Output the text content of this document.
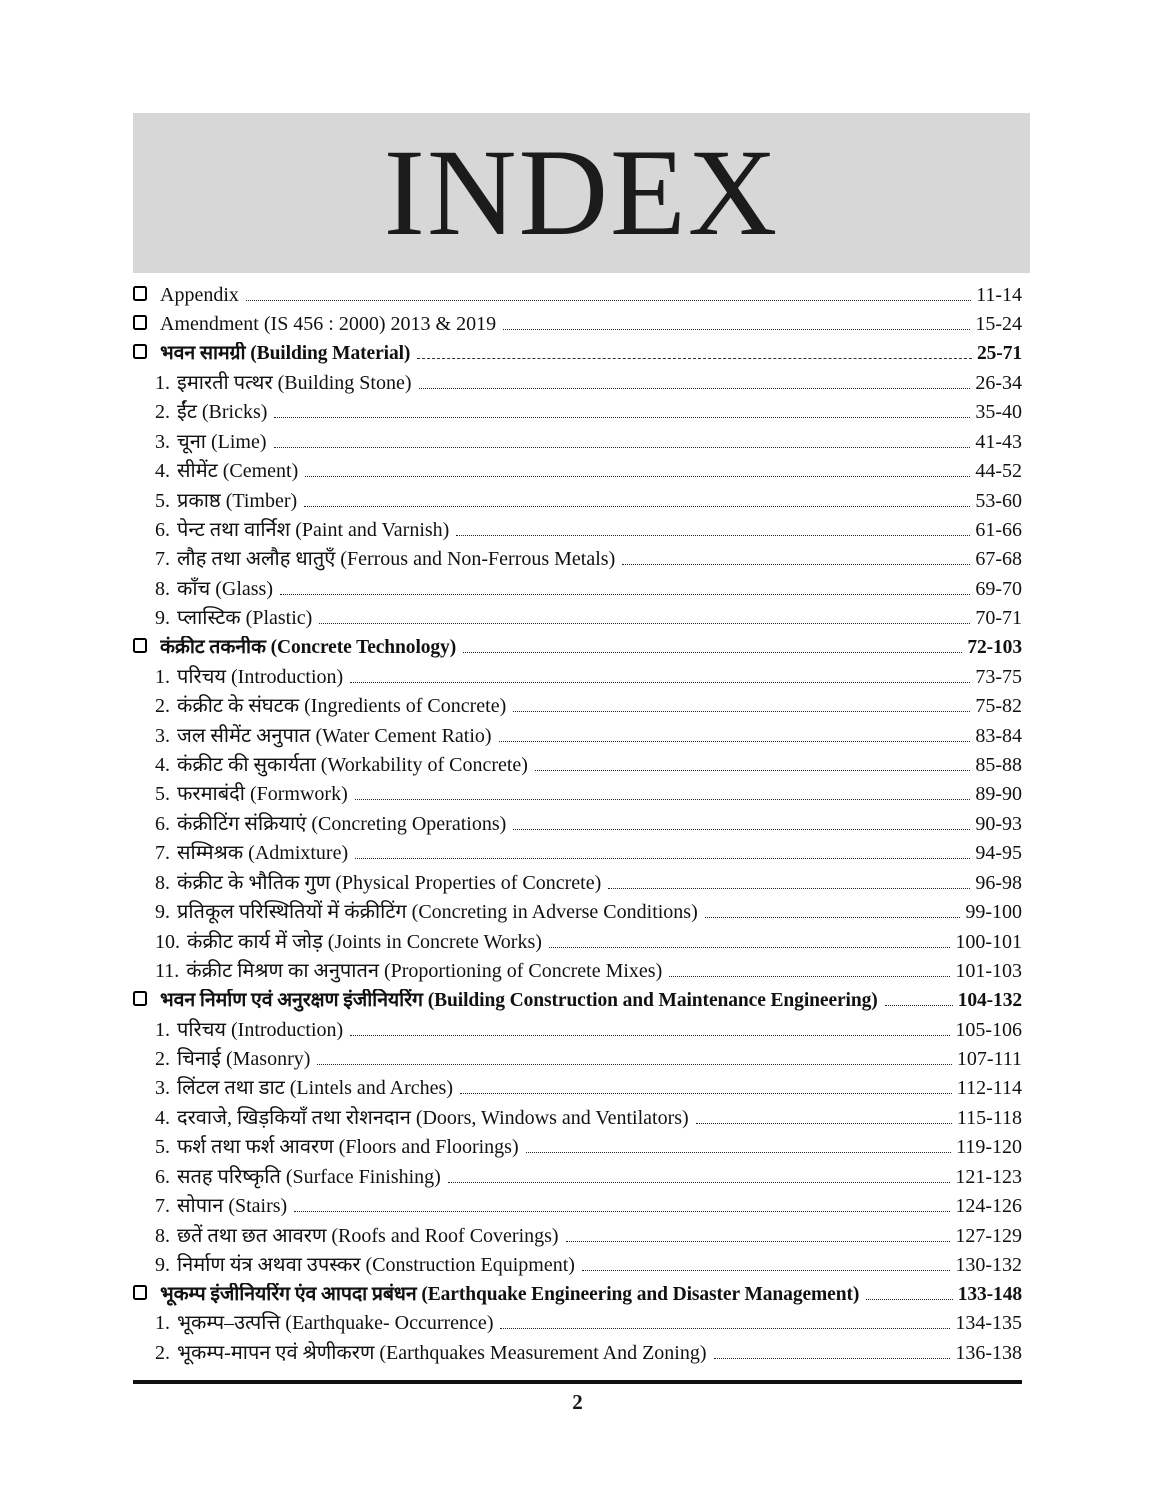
INDEX
Appendix	11-14
Amendment (IS 456 : 2000) 2013 & 2019	15-24
भवन सामग्री (Building Material)	25-71
1. इमारती पत्थर (Building Stone)	26-34
2. ईंट (Bricks)	35-40
3. चूना (Lime)	41-43
4. सीमेंट (Cement)	44-52
5. प्रकाष्ठ (Timber)	53-60
6. पेन्ट तथा वार्निश (Paint and Varnish)	61-66
7. लौह तथा अलौह धातुएँ (Ferrous and Non-Ferrous Metals)	67-68
8. काँच (Glass)	69-70
9. प्लास्टिक (Plastic)	70-71
कंक्रीट तकनीक (Concrete Technology)	72-103
1. परिचय (Introduction)	73-75
2. कंक्रीट के संघटक (Ingredients of Concrete)	75-82
3. जल सीमेंट अनुपात (Water Cement Ratio)	83-84
4. कंक्रीट की सुकार्यता (Workability of Concrete)	85-88
5. फरमाबंदी (Formwork)	89-90
6. कंक्रीटिंग संक्रियाएं (Concreting Operations)	90-93
7. सम्मिश्रक (Admixture)	94-95
8. कंक्रीट के भौतिक गुण (Physical Properties of Concrete)	96-98
9. प्रतिकूल परिस्थितियों में कंक्रीटिंग (Concreting in Adverse Conditions)	99-100
10. कंक्रीट कार्य में जोड़ (Joints in Concrete Works)	100-101
11. कंक्रीट मिश्रण का अनुपातन (Proportioning of Concrete Mixes)	101-103
भवन निर्माण एवं अनुरक्षण इंजीनियरिंग (Building Construction and Maintenance Engineering)	104-132
1. परिचय (Introduction)	105-106
2. चिनाई (Masonry)	107-111
3. लिंटल तथा डाट (Lintels and Arches)	112-114
4. दरवाजे, खिड़कियाँ तथा रोशनदान (Doors, Windows and Ventilators)	115-118
5. फर्श तथा फर्श आवरण (Floors and Floorings)	119-120
6. सतह परिष्कृति (Surface Finishing)	121-123
7. सोपान (Stairs)	124-126
8. छतें तथा छत आवरण (Roofs and Roof Coverings)	127-129
9. निर्माण यंत्र अथवा उपस्कर (Construction Equipment)	130-132
भूकम्प इंजीनियरिंग एंव आपदा प्रबंधन (Earthquake Engineering and Disaster Management)	133-148
1. भूकम्प–उत्पत्ति (Earthquake- Occurrence)	134-135
2. भूकम्प-मापन एवं श्रेणीकरण (Earthquakes Measurement And Zoning)	136-138
2
